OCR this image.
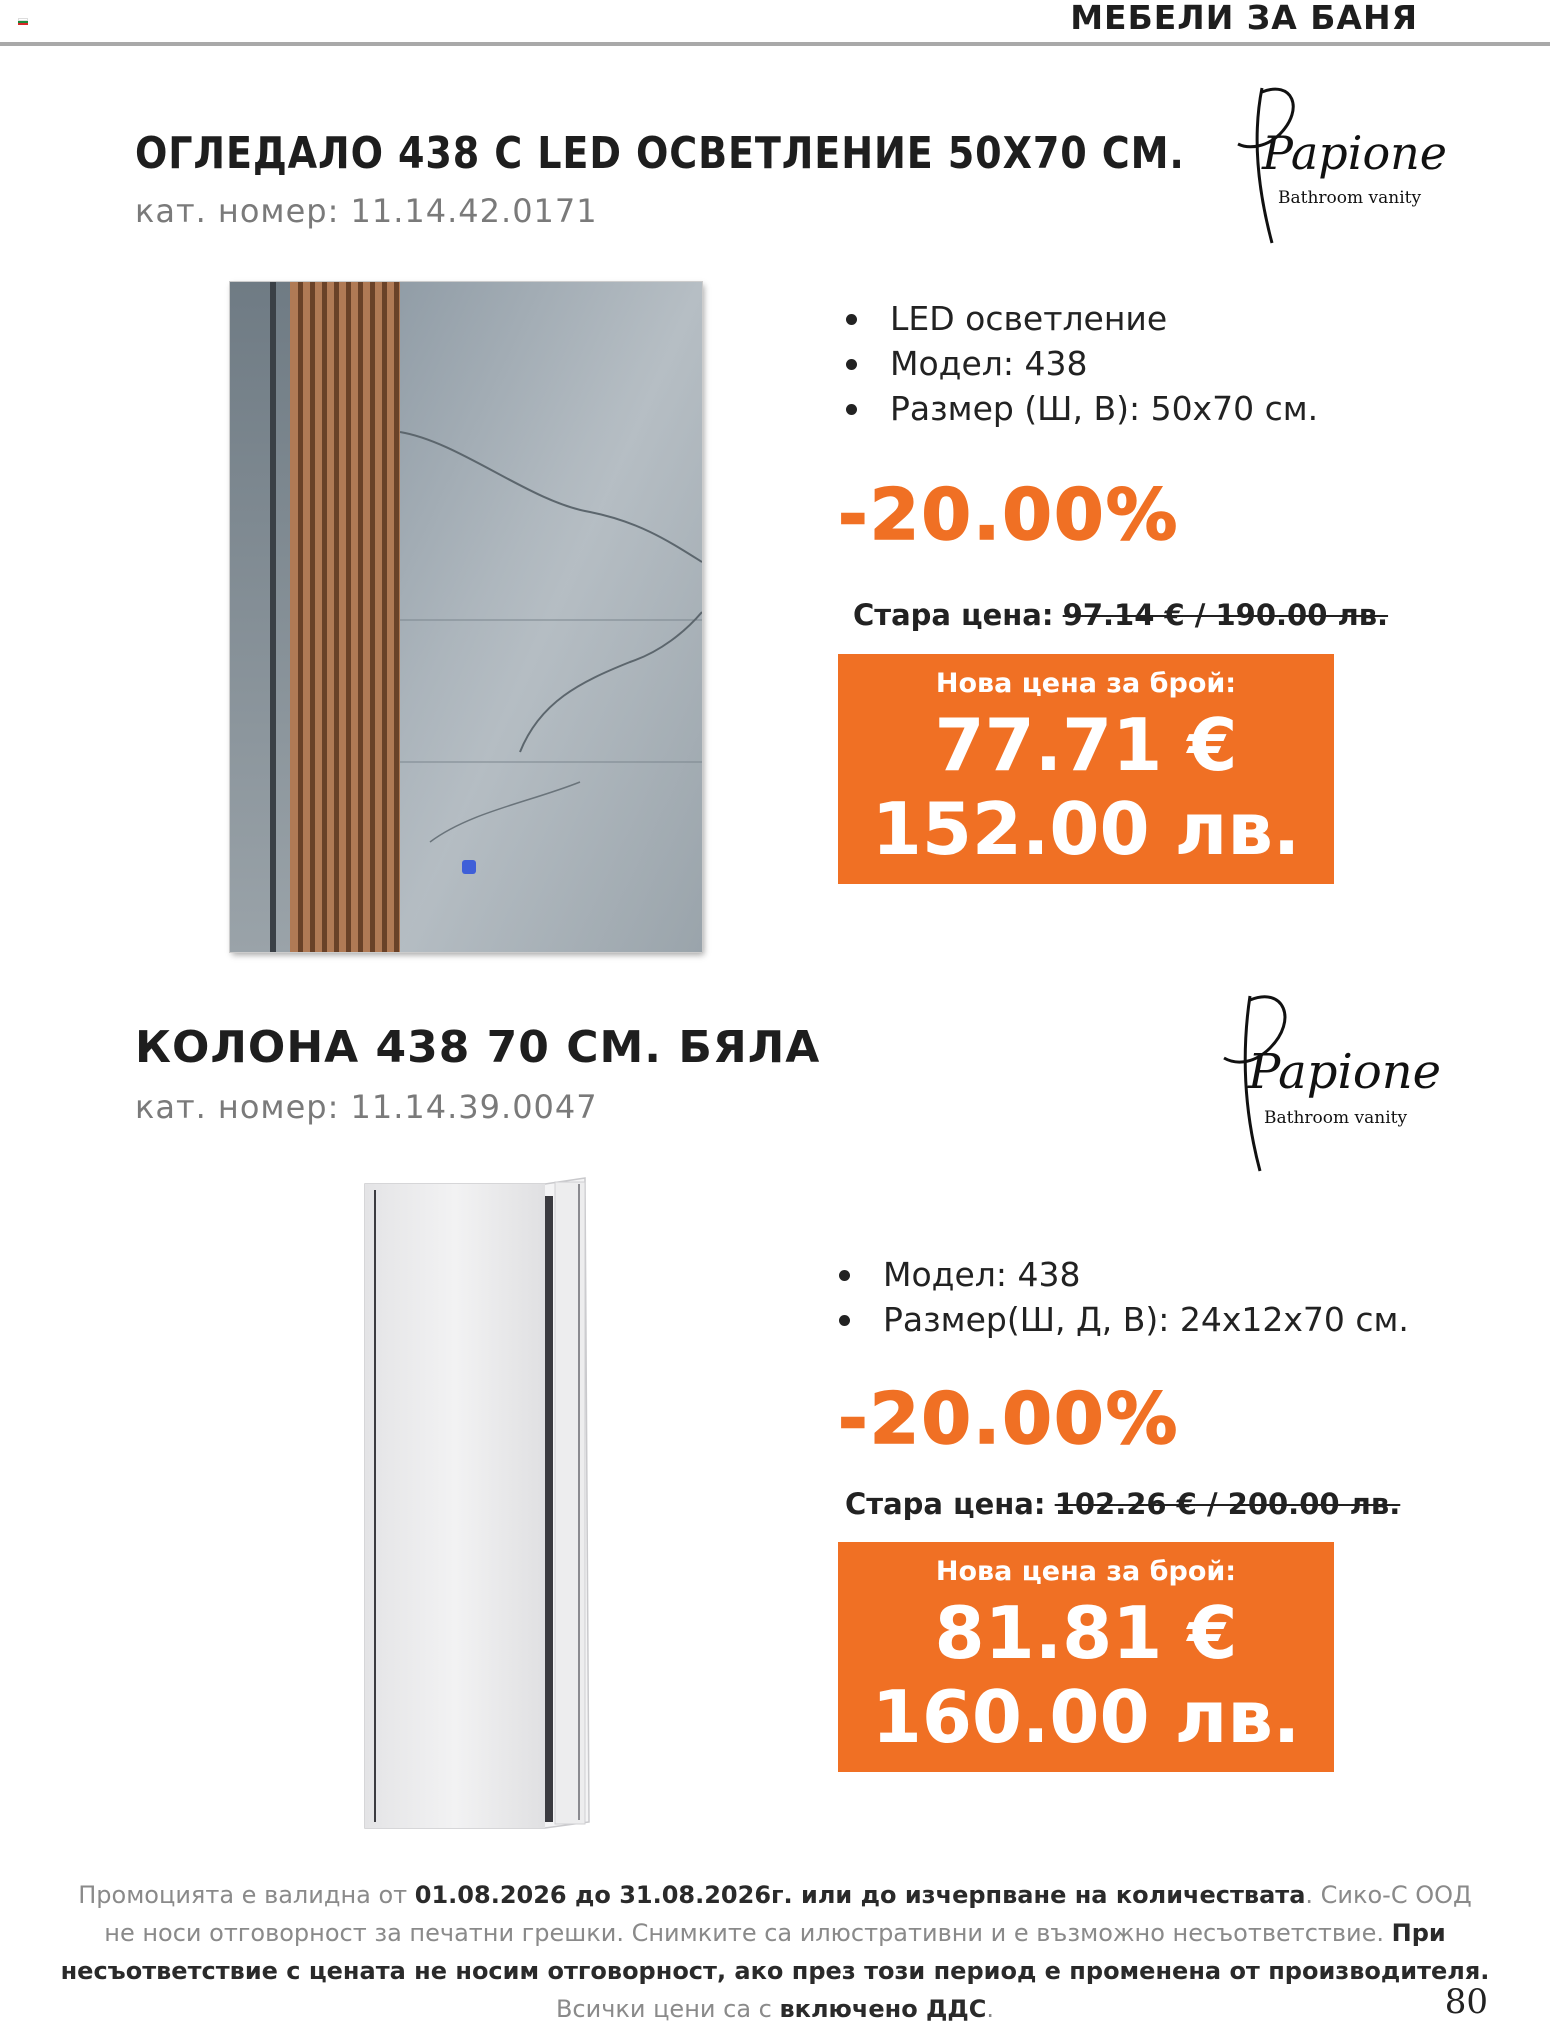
МЕБЕЛИ ЗА БАНЯ
ОГЛЕДАЛО 438 С LED ОСВЕТЛЕНИЕ 50Х70 СМ.
кат. номер: 11.14.42.0171
Papione
Bathroom vanity
LED осветление
Модел: 438
Размер (Ш, В): 50х70 см.
-20.00%
Стара цена: 97.14 € / 190.00 лв.
Нова цена за брой:
77.71 €
152.00 лв.
КОЛОНА 438 70 СМ. БЯЛА
кат. номер: 11.14.39.0047
Papione
Bathroom vanity
Модел: 438
Размер(Ш, Д, В): 24х12х70 см.
-20.00%
Стара цена: 102.26 € / 200.00 лв.
Нова цена за брой:
81.81 €
160.00 лв.
Промоцията е валидна от 01.08.2026 до 31.08.2026г. или до изчерпване на количествата. Сико-С ООД не носи отговорност за печатни грешки. Снимките са илюстративни и е възможно несъответствие. При несъответствие с цената не носим отговорност, ако през този период е променена от производителя. Всички цени са с включено ДДС.	80
